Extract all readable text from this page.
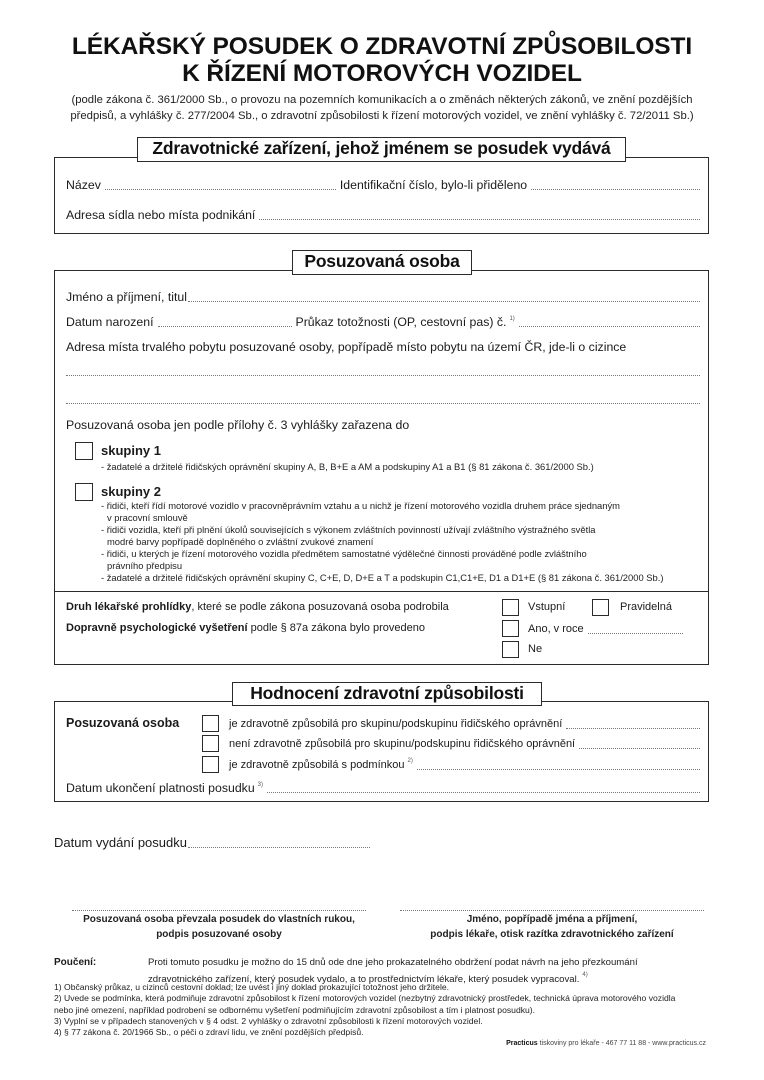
LÉKAŘSKÝ POSUDEK O ZDRAVOTNÍ ZPŮSOBILOSTI
K ŘÍZENÍ MOTOROVÝCH VOZIDEL
(podle zákona č. 361/2000 Sb., o provozu na pozemních komunikacích a o změnách některých zákonů, ve znění pozdějších
předpisů, a vyhlášky č. 277/2004 Sb., o zdravotní způsobilosti k řízení motorových vozidel, ve znění vyhlášky č. 72/2011 Sb.)
Zdravotnické zařízení, jehož jménem se posudek vydává
Název	Identifikační číslo, bylo-li přiděleno
Adresa sídla nebo místa podnikání
Posuzovaná osoba
Jméno a příjmení, titul
Datum narození	Průkaz totožnosti (OP, cestovní pas) č. $^{1)}$
Adresa místa trvalého pobytu posuzované osoby, popřípadě místo pobytu na území ČR, jde-li o cizince
Posuzovaná osoba jen podle přílohy č. 3 vyhlášky zařazena do
skupiny 1
- žadatelé a držitelé řidičských oprávnění skupiny A, B, B+E a AM a podskupiny A1 a B1 (§ 81 zákona č. 361/2000 Sb.)
skupiny 2
- řidiči, kteří řídí motorové vozidlo v pracovněprávním vztahu a u nichž je řízení motorového vozidla druhem práce sjednaným
v pracovní smlouvě
- řidiči vozidla, kteří při plnění úkolů souvisejících s výkonem zvláštních povinností užívají zvláštního výstražného světla
modré barvy popřípadě doplněného o zvláštní zvukové znamení
- řidiči, u kterých je řízení motorového vozidla předmětem samostatné výdělečné činnosti prováděné podle zvláštního
právního předpisu
- žadatelé a držitelé řidičských oprávnění skupiny C, C+E, D, D+E a T a podskupin C1,C1+E, D1 a D1+E (§ 81 zákona č. 361/2000 Sb.)
Druh lékařské prohlídky, které se podle zákona posuzovaná osoba podrobila
Dopravně psychologické vyšetření podle § 87a zákona bylo provedeno
Vstupní	Pravidelná
Ano, v roce
Ne
Hodnocení zdravotní způsobilosti
Posuzovaná osoba	je zdravotně způsobilá pro skupinu/podskupinu řidičského oprávnění
není zdravotně způsobilá pro skupinu/podskupinu řidičského oprávnění
je zdravotně způsobilá s podmínkou $^{2)}$
Datum ukončení platnosti posudku $^{3)}$
Datum vydání posudku
Posuzovaná osoba převzala posudek do vlastních rukou,
podpis posuzované osoby
Jméno, popřípadě jména a příjmení,
podpis lékaře, otisk razítka zdravotnického zařízení
Poučení:	Proti tomuto posudku je možno do 15 dnů ode dne jeho prokazatelného obdržení podat návrh na jeho přezkoumání
zdravotnického zařízení, který posudek vydalo, a to prostřednictvím lékaře, který posudek vypracoval. $^{4)}$
1) Občanský průkaz, u cizinců cestovní doklad; lze uvést i jiný doklad prokazující totožnost jeho držitele.
2) Uvede se podmínka, která podmiňuje zdravotní způsobilost k řízení motorových vozidel (nezbytný zdravotnický prostředek, technická úprava motorového vozidla
nebo jiné omezení, například podrobení se odbornému vyšetření podmiňujícím zdravotní způsobilost a tím i platnost posudku).
3) Vyplní se v případech stanovených v § 4 odst. 2 vyhlášky o zdravotní způsobilosti k řízení motorových vozidel.
4) § 77 zákona č. 20/1966 Sb., o péči o zdraví lidu, ve znění pozdějších předpisů.
Practicus tiskoviny pro lékaře - 467 77 11 88 - www.practicus.cz
